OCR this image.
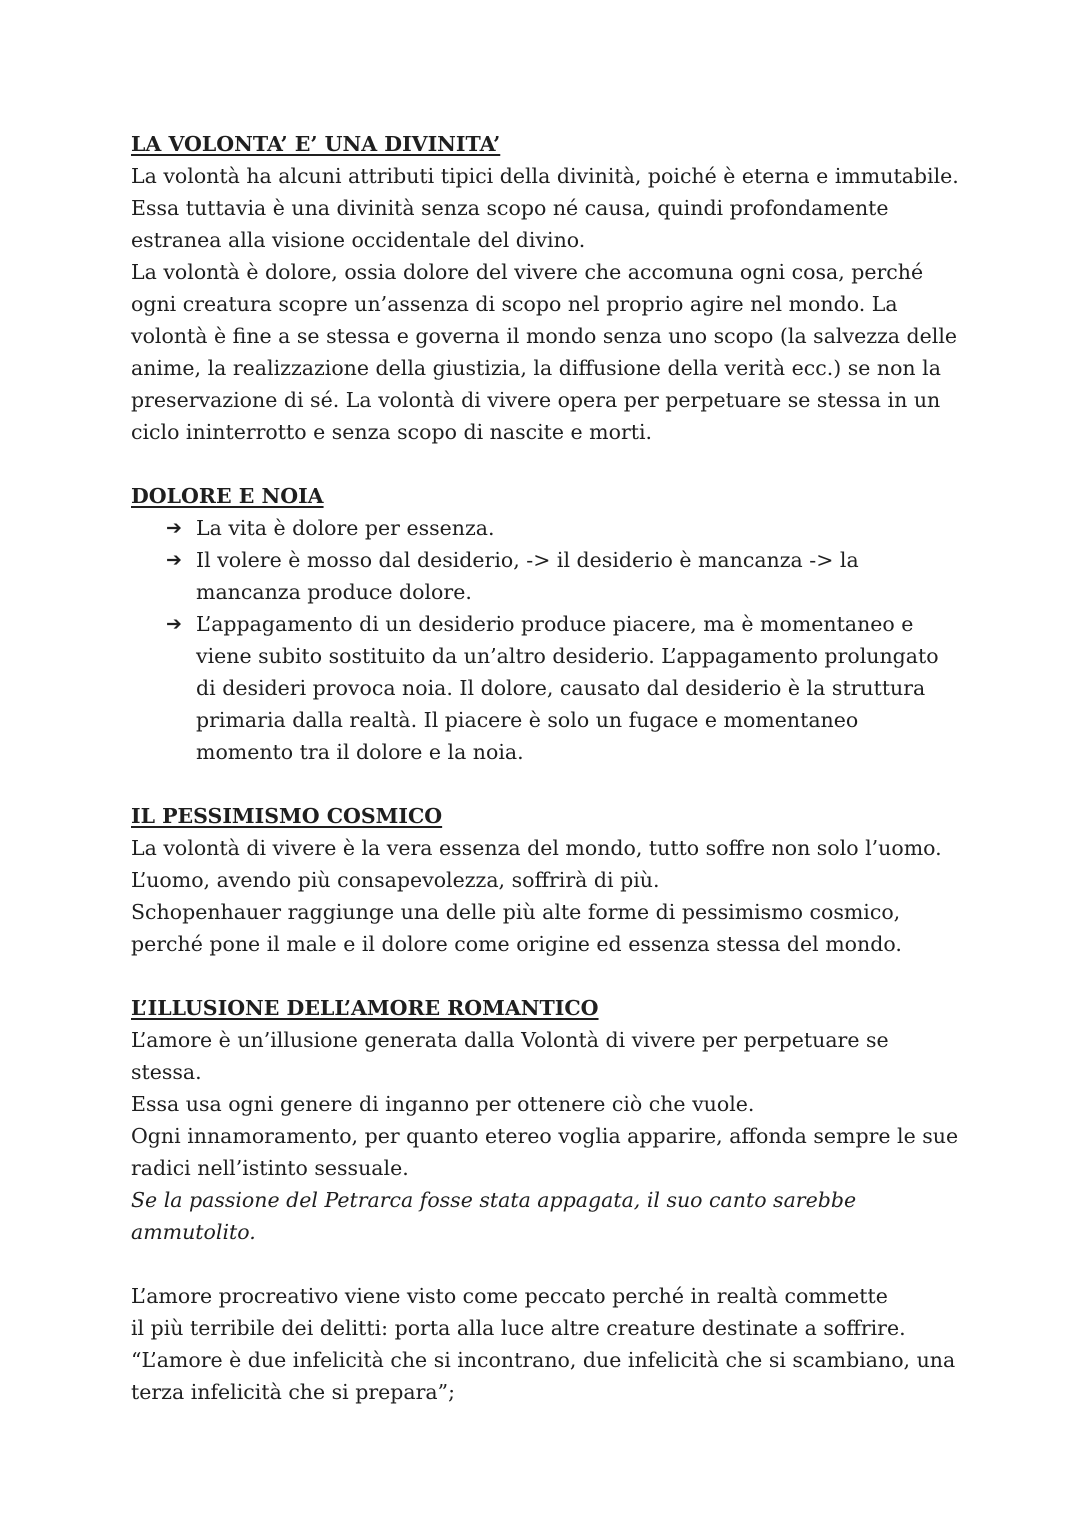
LA VOLONTA’ E’ UNA DIVINITA’

La volontà ha alcuni attributi tipici della divinità, poiché è eterna e immutabile. Essa tuttavia è una divinità senza scopo né causa, quindi profondamente estranea alla visione occidentale del divino.

La volontà è dolore, ossia dolore del vivere che accomuna ogni cosa, perché ogni creatura scopre un’assenza di scopo nel proprio agire nel mondo. La volontà è fine a se stessa e governa il mondo senza uno scopo (la salvezza delle anime, la realizzazione della giustizia, la diffusione della verità ecc.) se non la preservazione di sé. La volontà di vivere opera per perpetuare se stessa in un ciclo ininterrotto e senza scopo di nascite e morti.

DOLORE E NOIA

➔ La vita è dolore per essenza.
➔ Il volere è mosso dal desiderio, -> il desiderio è mancanza -> la mancanza produce dolore.
➔ L’appagamento di un desiderio produce piacere, ma è momentaneo e viene subito sostituito da un’altro desiderio. L’appagamento prolungato di desideri provoca noia. Il dolore, causato dal desiderio è la struttura primaria dalla realtà. Il piacere è solo un fugace e momentaneo momento tra il dolore e la noia.

IL PESSIMISMO COSMICO

La volontà di vivere è la vera essenza del mondo, tutto soffre non solo l’uomo.

L’uomo, avendo più consapevolezza, soffrirà di più.

Schopenhauer raggiunge una delle più alte forme di pessimismo cosmico, perché pone il male e il dolore come origine ed essenza stessa del mondo.

L’ILLUSIONE DELL’AMORE ROMANTICO

L’amore è un’illusione generata dalla Volontà di vivere per perpetuare se stessa.

Essa usa ogni genere di inganno per ottenere ciò che vuole.

Ogni innamoramento, per quanto etereo voglia apparire, affonda sempre le sue radici nell’istinto sessuale.

Se la passione del Petrarca fosse stata appagata, il suo canto sarebbe ammutolito.

L’amore procreativo viene visto come peccato perché in realtà commette

il più terribile dei delitti: porta alla luce altre creature destinate a soffrire.

“L’amore è due infelicità che si incontrano, due infelicità che si scambiano, una terza infelicità che si prepara”;
